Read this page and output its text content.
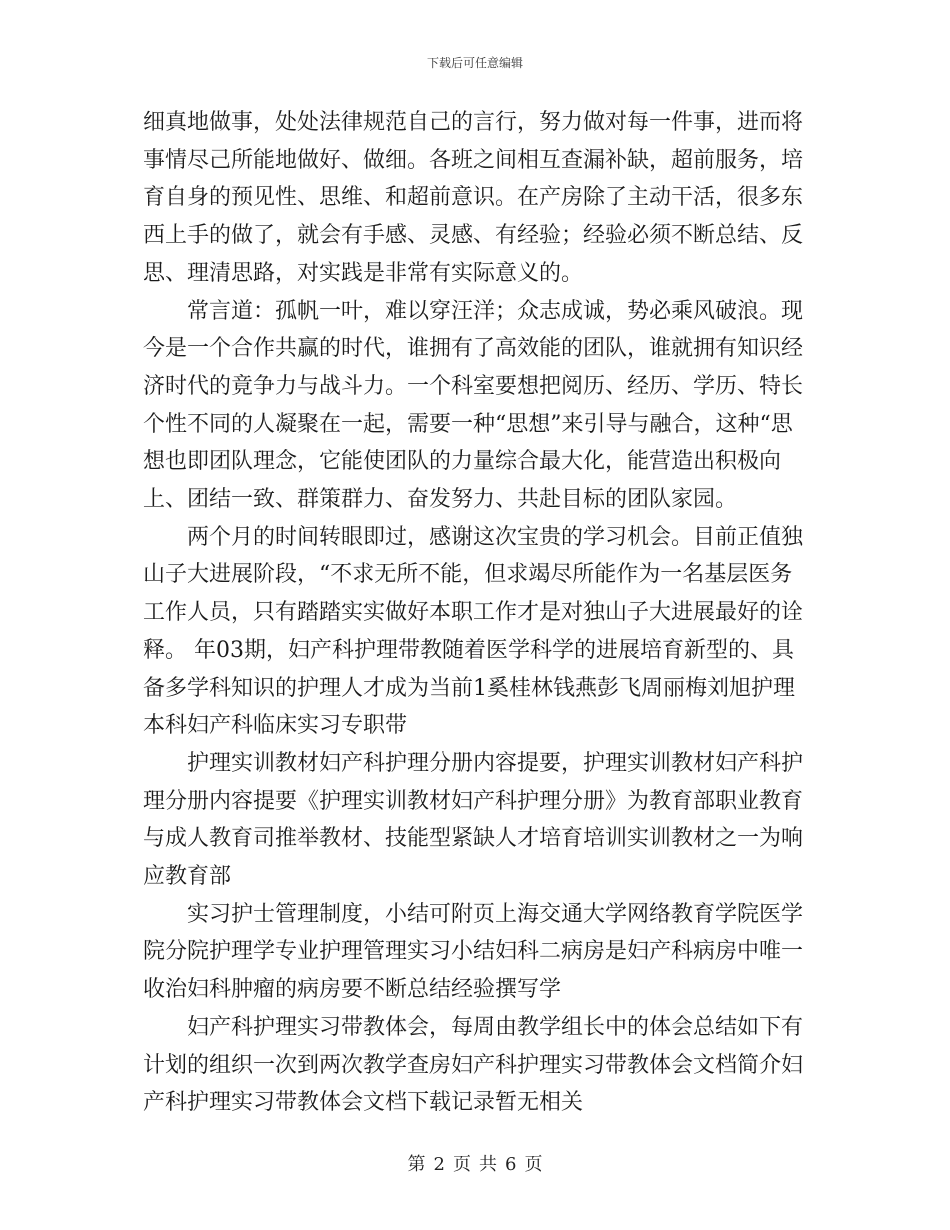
下载后可任意编辑

细真地做事，处处法律规范自己的言行，努力做对每一件事，进而将事情尽己所能地做好、做细。各班之间相互查漏补缺，超前服务，培育自身的预见性、思维、和超前意识。在产房除了主动干活，很多东西上手的做了，就会有手感、灵感、有经验；经验必须不断总结、反思、理清思路，对实践是非常有实际意义的。

常言道：孤帆一叶，难以穿汪洋；众志成诚，势必乘风破浪。现今是一个合作共赢的时代，谁拥有了高效能的团队，谁就拥有知识经济时代的竟争力与战斗力。一个科室要想把阅历、经历、学历、特长个性不同的人凝聚在一起，需要一种“思想”来引导与融合，这种“思想也即团队理念，它能使团队的力量综合最大化，能营造出积极向上、团结一致、群策群力、奋发努力、共赴目标的团队家园。

两个月的时间转眼即过，感谢这次宝贵的学习机会。目前正值独山子大进展阶段，“不求无所不能，但求竭尽所能作为一名基层医务工作人员，只有踏踏实实做好本职工作才是对独山子大进展最好的诠释。 年03期，妇产科护理带教随着医学科学的进展培育新型的、具备多学科知识的护理人才成为当前1奚桂林钱燕彭飞周丽梅刘旭护理本科妇产科临床实习专职带

护理实训教材妇产科护理分册内容提要，护理实训教材妇产科护理分册内容提要《护理实训教材妇产科护理分册》为教育部职业教育与成人教育司推举教材、技能型紧缺人才培育培训实训教材之一为响应教育部

实习护士管理制度，小结可附页上海交通大学网络教育学院医学院分院护理学专业护理管理实习小结妇科二病房是妇产科病房中唯一收治妇科肿瘤的病房要不断总结经验撰写学

妇产科护理实习带教体会，每周由教学组长中的体会总结如下有计划的组织一次到两次教学查房妇产科护理实习带教体会文档简介妇产科护理实习带教体会文档下载记录暂无相关

第 2 页 共 6 页
